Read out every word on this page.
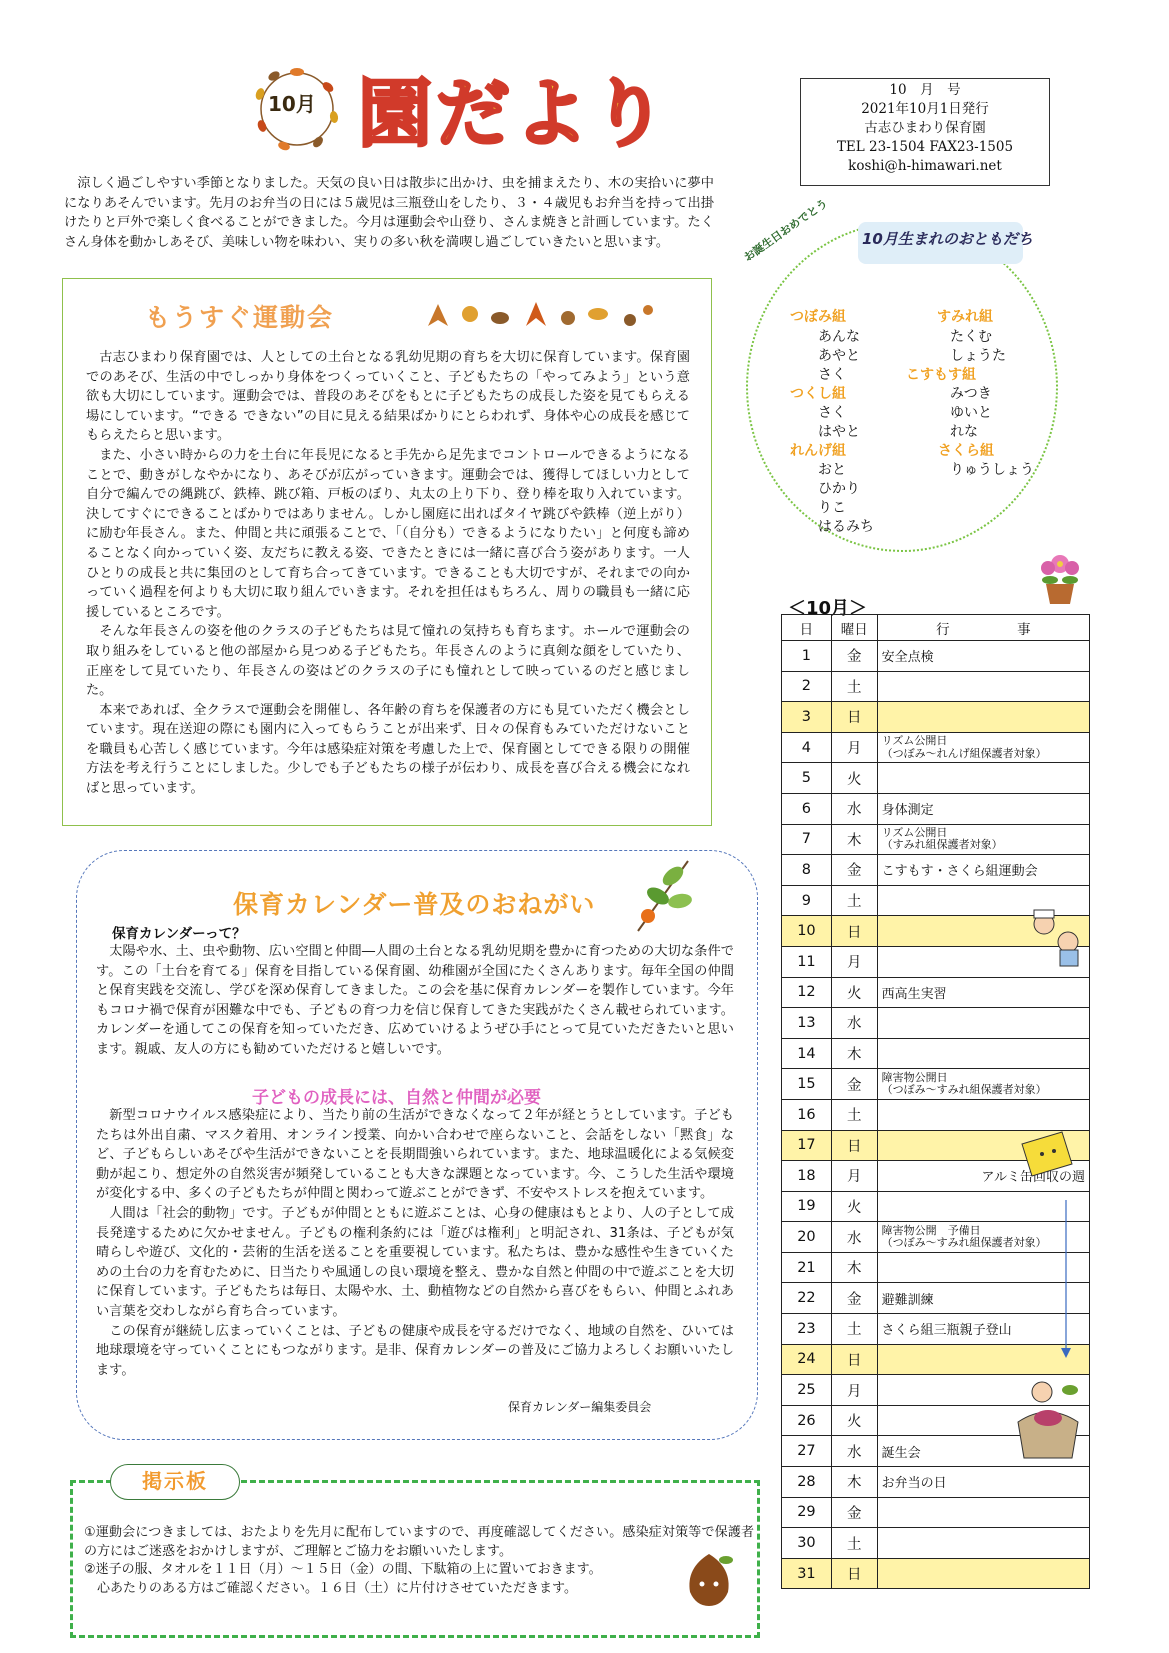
10月 園だより	10　月　号
2021年10月1日発行
古志ひまわり保育園
TEL 23-1504 FAX23-1505
koshi@h-himawari.net

涼しく過ごしやすい季節となりました。天気の良い日は散歩に出かけ、虫を捕まえたり、木の実拾いに夢中になりあそんでいます。先月のお弁当の日には５歳児は三瓶登山をしたり、３・４歳児もお弁当を持って出掛けたりと戸外で楽しく食べることができました。今月は運動会や山登り、さんま焼きと計画しています。たくさん身体を動かしあそび、美味しい物を味わい、実りの多い秋を満喫し過ごしていきたいと思います。

もうすぐ運動会

古志ひまわり保育園では、人としての土台となる乳幼児期の育ちを大切に保育しています。保育園でのあそび、生活の中でしっかり身体をつくっていくこと、子どもたちの「やってみよう」という意欲も大切にしています。運動会では、普段のあそびをもとに子どもたちの成長した姿を見てもらえる場にしています。“できる できない”の目に見える結果ばかりにとらわれず、身体や心の成長を感じてもらえたらと思います。

また、小さい時からの力を土台に年長児になると手先から足先までコントロールできるようになることで、動きがしなやかになり、あそびが広がっていきます。運動会では、獲得してほしい力として自分で編んでの縄跳び、鉄棒、跳び箱、戸板のぼり、丸太の上り下り、登り棒を取り入れています。決してすぐにできることばかりではありません。しかし園庭に出ればタイヤ跳びや鉄棒（逆上がり）に励む年長さん。また、仲間と共に頑張ることで、「（自分も）できるようになりたい」と何度も諦めることなく向かっていく姿、友だちに教える姿、できたときには一緒に喜び合う姿があります。一人ひとりの成長と共に集団のとして育ち合ってきています。できることも大切ですが、それまでの向かっていく過程を何よりも大切に取り組んでいきます。それを担任はもちろん、周りの職員も一緒に応援しているところです。

そんな年長さんの姿を他のクラスの子どもたちは見て憧れの気持ちも育ちます。ホールで運動会の取り組みをしていると他の部屋から見つめる子どもたち。年長さんのように真剣な顔をしていたり、正座をして見ていたり、年長さんの姿はどのクラスの子にも憧れとして映っているのだと感じました。

本来であれば、全クラスで運動会を開催し、各年齢の育ちを保護者の方にも見ていただく機会としています。現在送迎の際にも園内に入ってもらうことが出来ず、日々の保育もみていただけないことを職員も心苦しく感じています。今年は感染症対策を考慮した上で、保育園としてできる限りの開催方法を考え行うことにしました。少しでも子どもたちの様子が伝わり、成長を喜び合える機会になればと思っています。

保育カレンダー普及のおねがい
保育カレンダーって？

太陽や水、土、虫や動物、広い空間と仲間―人間の土台となる乳幼児期を豊かに育つための大切な条件です。この「土台を育てる」保育を目指している保育園、幼稚園が全国にたくさんあります。毎年全国の仲間と保育実践を交流し、学びを深め保育してきました。この会を基に保育カレンダーを製作しています。今年もコロナ禍で保育が困難な中でも、子どもの育つ力を信じ保育してきた実践がたくさん載せられています。カレンダーを通してこの保育を知っていただき、広めていけるようぜひ手にとって見ていただきたいと思います。親戚、友人の方にも勧めていただけると嬉しいです。

子どもの成長には、自然と仲間が必要

新型コロナウイルス感染症により、当たり前の生活ができなくなって２年が経とうとしています。子どもたちは外出自粛、マスク着用、オンライン授業、向かい合わせで座らないこと、会話をしない「黙食」など、子どもらしいあそびや生活ができないことを長期間強いられています。また、地球温暖化による気候変動が起こり、想定外の自然災害が頻発していることも大きな課題となっています。今、こうした生活や環境が変化する中、多くの子どもたちが仲間と関わって遊ぶことができず、不安やストレスを抱えています。

人間は「社会的動物」です。子どもが仲間とともに遊ぶことは、心身の健康はもとより、人の子として成長発達するために欠かせません。子どもの権利条約には「遊びは権利」と明記され、31条は、子どもが気晴らしや遊び、文化的・芸術的生活を送ることを重要視しています。私たちは、豊かな感性や生きていくための土台の力を育むために、日当たりや風通しの良い環境を整え、豊かな自然と仲間の中で遊ぶことを大切に保育しています。子どもたちは毎日、太陽や水、土、動植物などの自然から喜びをもらい、仲間とふれあい言葉を交わしながら育ち合っています。

この保育が継続し広まっていくことは、子どもの健康や成長を守るだけでなく、地域の自然を、ひいては地球環境を守っていくことにもつながります。是非、保育カレンダーの普及にご協力よろしくお願いいたします。

保育カレンダー編集委員会
掲示板

①運動会につきましては、おたよりを先月に配布していますので、再度確認してください。感染症対策等で保護者の方にはご迷惑をおかけしますが、ご理解とご協力をお願いいたします。

②迷子の服、タオルを１１日（月）～１５日（金）の間、下駄箱の上に置いておきます。

心あたりのある方はご確認ください。１６日（土）に片付けさせていただきます。

10月生まれのおともだち
お誕生日おめでとう
つぼみ組
あんな
あやと
さく
つくし組
さく
はやと
れんげ組
おと
ひかり
りこ
はるみち
すみれ組
たくむ
しょうた
こすもす組
みつき
ゆいと
れな
さくら組
りゅうしょう
＜10月＞
日	曜日	行　　　　　事
1	金	安全点検
2	土	
3	日	
4	月	リズム公開日
（つぼみ～れんげ組保護者対象）

5	火	
6	水	身体測定
7	木	リズム公開日
（すみれ組保護者対象）

8	金	こすもす・さくら組運動会
9	土	
10	日	
11	月	
12	火	西高生実習
13	水	
14	木	
15	金	障害物公開日
（つぼみ～すみれ組保護者対象）

16	土	
17	日	
18	月	アルミ缶回収の週

19	火	
20	水	障害物公開　予備日
（つぼみ～すみれ組保護者対象）

21	木	
22	金	避難訓練
23	土	さくら組三瓶親子登山
24	日	
25	月	
26	火	
27	水	誕生会
28	木	お弁当の日
29	金	
30	土	
31	日	
